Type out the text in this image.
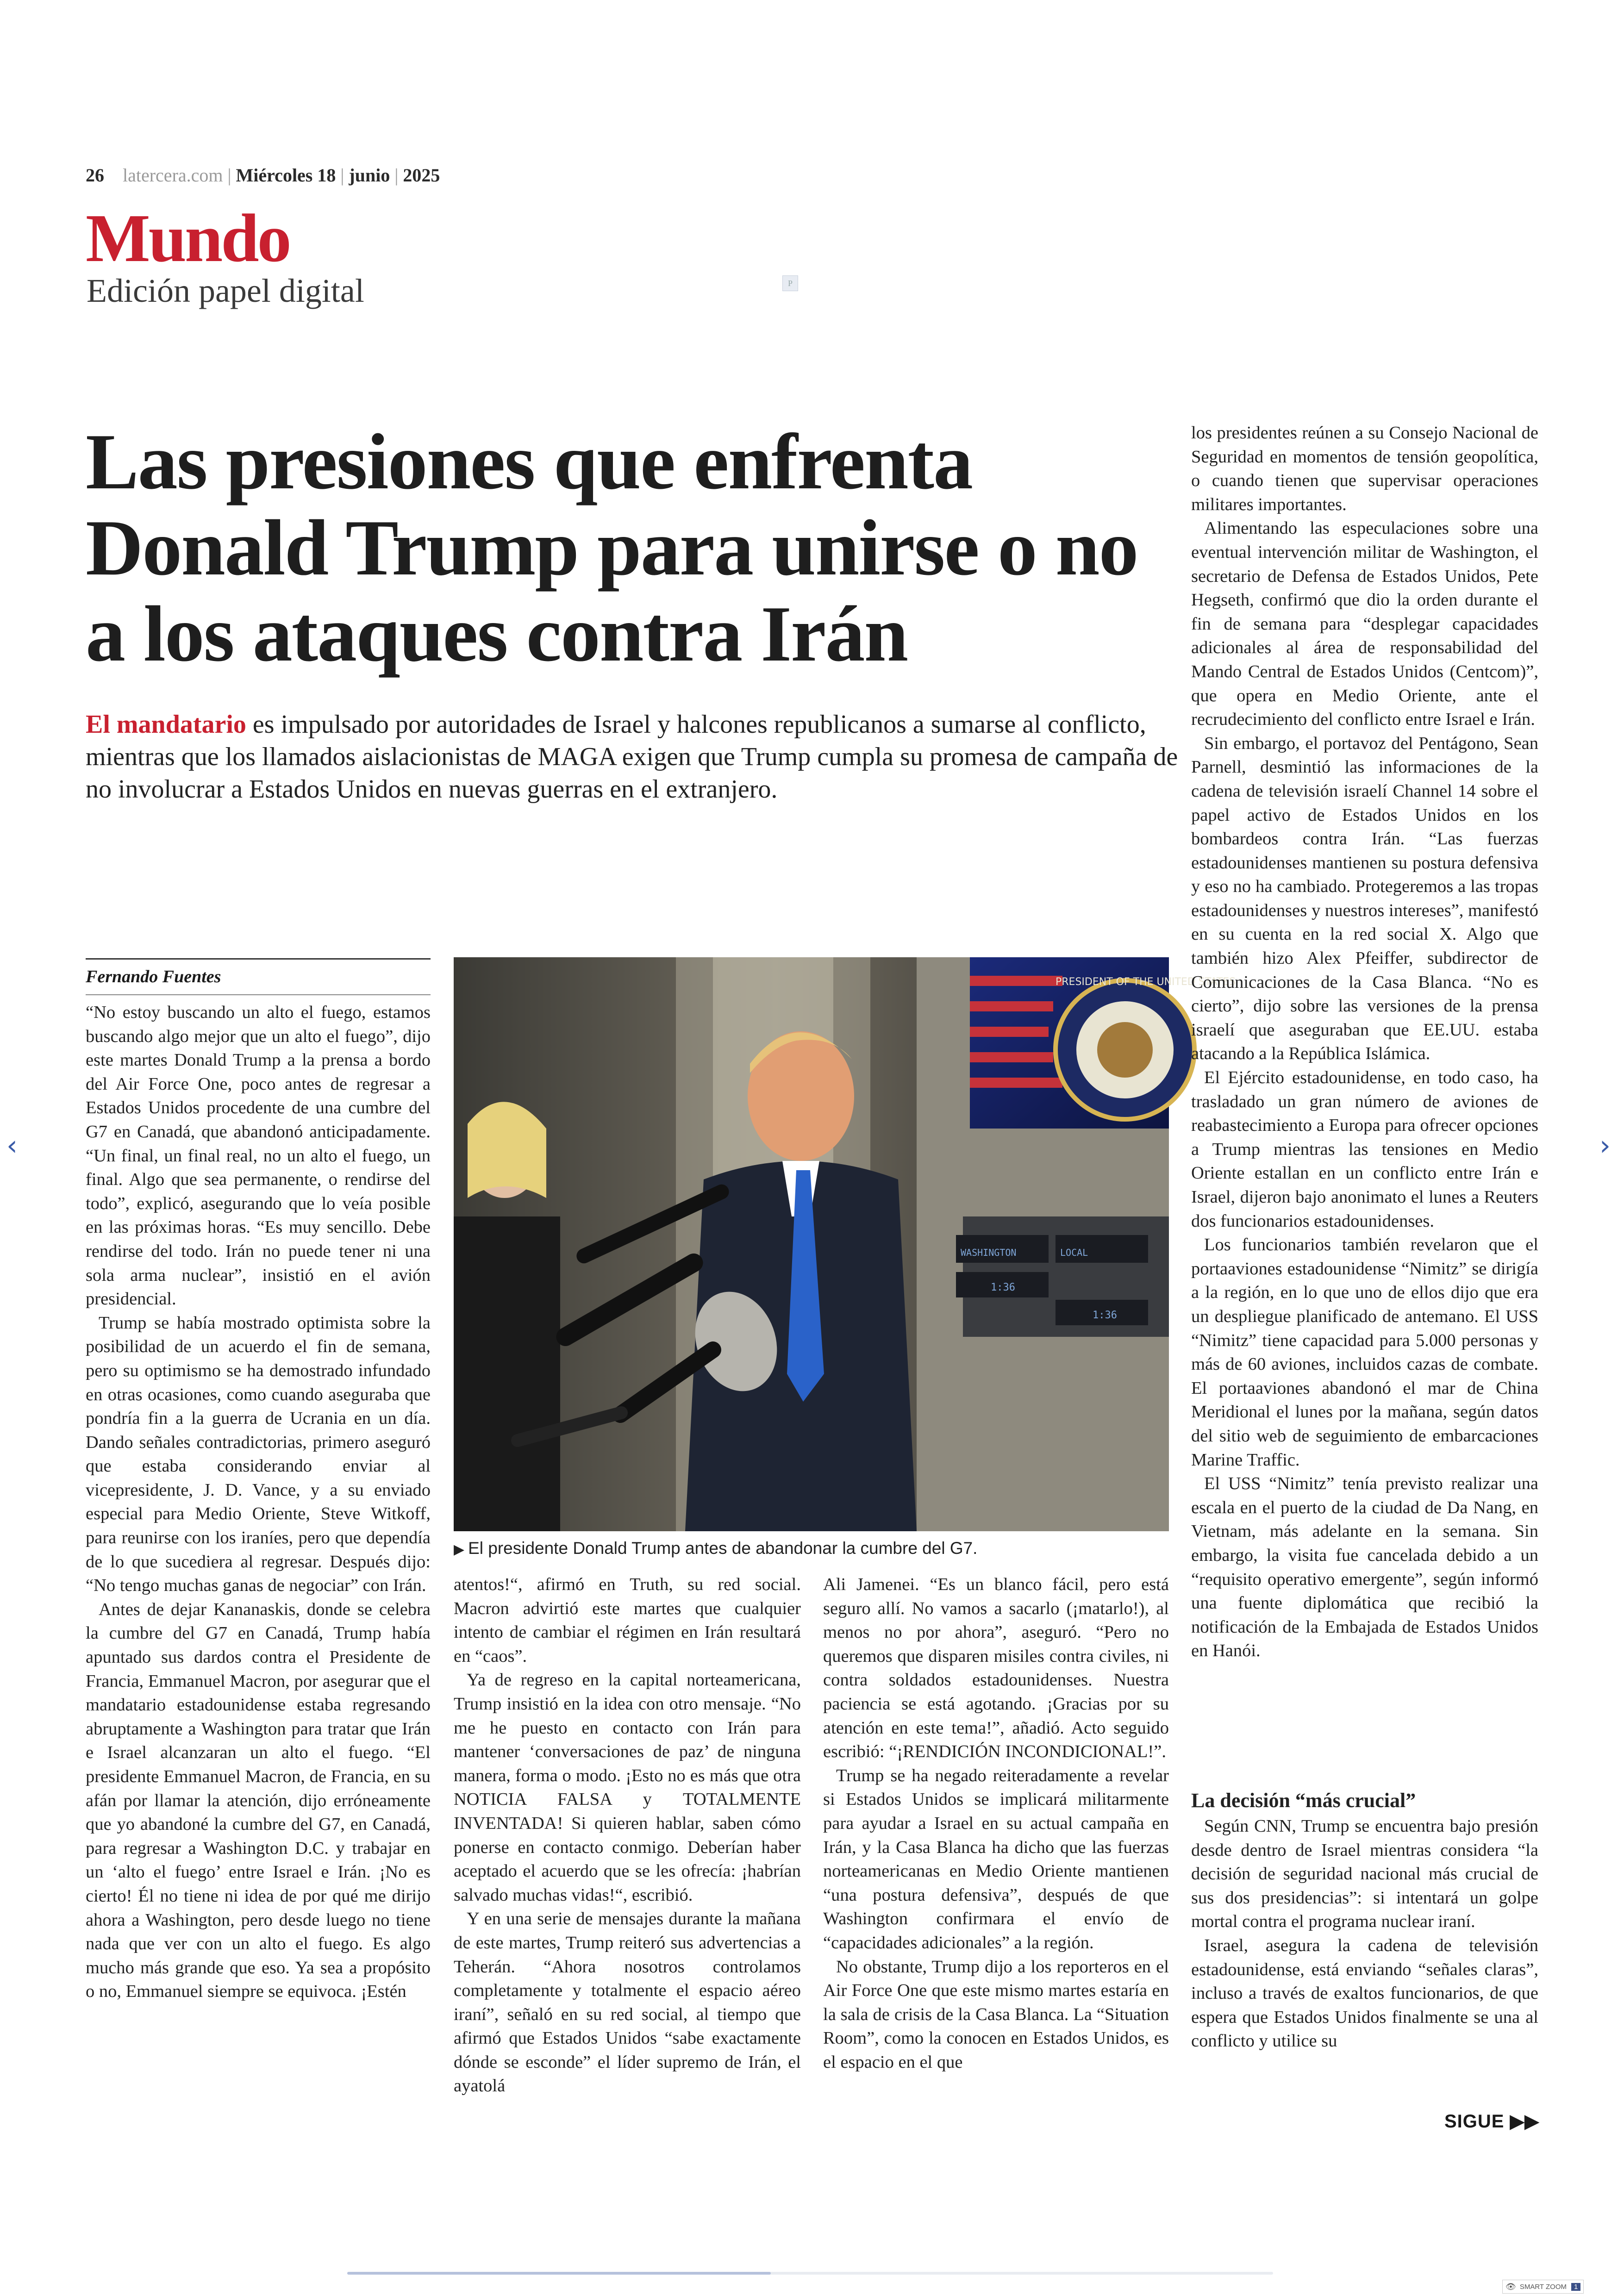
26 latercera.com | Miércoles 18 | junio | 2025
Mundo
Edición papel digital	P
Las presiones que enfrenta Donald Trump para unirse o no a los ataques contra Irán
El mandatario es impulsado por autoridades de Israel y halcones republicanos a sumarse al conflicto, mientras que los llamados aislacionistas de MAGA exigen que Trump cumpla su promesa de campaña de no involucrar a Estados Unidos en nuevas guerras en el extranjero.
Fernando Fuentes

“No estoy buscando un alto el fuego, estamos buscando algo mejor que un alto el fuego”, dijo este martes Donald Trump a la prensa a bordo del Air Force One, poco antes de regresar a Estados Unidos procedente de una cumbre del G7 en Canadá, que abandonó anticipadamente. “Un final, un final real, no un alto el fuego, un final. Algo que sea permanente, o rendirse del todo”, explicó, asegurando que lo veía posible en las próximas horas. “Es muy sencillo. Debe rendirse del todo. Irán no puede tener ni una sola arma nuclear”, insistió en el avión presidencial.

Trump se había mostrado optimista sobre la posibilidad de un acuerdo el fin de semana, pero su optimismo se ha demostrado infundado en otras ocasiones, como cuando aseguraba que pondría fin a la guerra de Ucrania en un día. Dando señales contradictorias, primero aseguró que estaba considerando enviar al vicepresidente, J. D. Vance, y a su enviado especial para Medio Oriente, Steve Witkoff, para reunirse con los iraníes, pero que dependía de lo que sucediera al regresar. Después dijo: “No tengo muchas ganas de negociar” con Irán.

Antes de dejar Kananaskis, donde se celebra la cumbre del G7 en Canadá, Trump había apuntado sus dardos contra el Presidente de Francia, Emmanuel Macron, por asegurar que el mandatario estadounidense estaba regresando abruptamente a Washington para tratar que Irán e Israel alcanzaran un alto el fuego. “El presidente Emmanuel Macron, de Francia, en su afán por llamar la atención, dijo erróneamente que yo abandoné la cumbre del G7, en Canadá, para regresar a Washington D.C. y trabajar en un ‘alto el fuego’ entre Israel e Irán. ¡No es cierto! Él no tiene ni idea de por qué me dirijo ahora a Washington, pero desde luego no tiene nada que ver con un alto el fuego. Es algo mucho más grande que eso. Ya sea a propósito o no, Emmanuel siempre se equivoca. ¡Estén

PRESIDENT OF THE UNITED STATES
WASHINGTON	LOCAL
1:36
1:36
▶ El presidente Donald Trump antes de abandonar la cumbre del G7.

atentos!“, afirmó en Truth, su red social. Macron advirtió este martes que cualquier intento de cambiar el régimen en Irán resultará en “caos”.

Ya de regreso en la capital norteamericana, Trump insistió en la idea con otro mensaje. “No me he puesto en contacto con Irán para mantener ‘conversaciones de paz’ de ninguna manera, forma o modo. ¡Esto no es más que otra NOTICIA FALSA y TOTALMENTE INVENTADA! Si quieren hablar, saben cómo ponerse en contacto conmigo. Deberían haber aceptado el acuerdo que se les ofrecía: ¡habrían salvado muchas vidas!“, escribió.

Y en una serie de mensajes durante la mañana de este martes, Trump reiteró sus advertencias a Teherán. “Ahora nosotros controlamos completamente y totalmente el espacio aéreo iraní”, señaló en su red social, al tiempo que afirmó que Estados Unidos “sabe exactamente dónde se esconde” el líder supremo de Irán, el ayatolá

Ali Jamenei. “Es un blanco fácil, pero está seguro allí. No vamos a sacarlo (¡matarlo!), al menos no por ahora”, aseguró. “Pero no queremos que disparen misiles contra civiles, ni contra soldados estadounidenses. Nuestra paciencia se está agotando. ¡Gracias por su atención en este tema!”, añadió. Acto seguido escribió: “¡RENDICIÓN INCONDICIONAL!”.

Trump se ha negado reiteradamente a revelar si Estados Unidos se implicará militarmente para ayudar a Israel en su actual campaña en Irán, y la Casa Blanca ha dicho que las fuerzas norteamericanas en Medio Oriente mantienen “una postura defensiva”, después de que Washington confirmara el envío de “capacidades adicionales” a la región.

No obstante, Trump dijo a los reporteros en el Air Force One que este mismo martes estaría en la sala de crisis de la Casa Blanca. La “Situation Room”, como la conocen en Estados Unidos, es el espacio en el que

los presidentes reúnen a su Consejo Nacional de Seguridad en momentos de tensión geopolítica, o cuando tienen que supervisar operaciones militares importantes.

Alimentando las especulaciones sobre una eventual intervención militar de Washington, el secretario de Defensa de Estados Unidos, Pete Hegseth, confirmó que dio la orden durante el fin de semana para “desplegar capacidades adicionales al área de responsabilidad del Mando Central de Estados Unidos (Centcom)”, que opera en Medio Oriente, ante el recrudecimiento del conflicto entre Israel e Irán.

Sin embargo, el portavoz del Pentágono, Sean Parnell, desmintió las informaciones de la cadena de televisión israelí Channel 14 sobre el papel activo de Estados Unidos en los bombardeos contra Irán. “Las fuerzas estadounidenses mantienen su postura defensiva y eso no ha cambiado. Protegeremos a las tropas estadounidenses y nuestros intereses”, manifestó en su cuenta en la red social X. Algo que también hizo Alex Pfeiffer, subdirector de Comunicaciones de la Casa Blanca. “No es cierto”, dijo sobre las versiones de la prensa israelí que aseguraban que EE.UU. estaba atacando a la República Islámica.

El Ejército estadounidense, en todo caso, ha trasladado un gran número de aviones de reabastecimiento a Europa para ofrecer opciones a Trump mientras las tensiones en Medio Oriente estallan en un conflicto entre Irán e Israel, dijeron bajo anonimato el lunes a Reuters dos funcionarios estadounidenses.

Los funcionarios también revelaron que el portaaviones estadounidense “Nimitz” se dirigía a la región, en lo que uno de ellos dijo que era un despliegue planificado de antemano. El USS “Nimitz” tiene capacidad para 5.000 personas y más de 60 aviones, incluidos cazas de combate. El portaaviones abandonó el mar de China Meridional el lunes por la mañana, según datos del sitio web de seguimiento de embarcaciones Marine Traffic.

El USS “Nimitz” tenía previsto realizar una escala en el puerto de la ciudad de Da Nang, en Vietnam, más adelante en la semana. Sin embargo, la visita fue cancelada debido a un “requisito operativo emergente”, según informó una fuente diplomática que recibió la notificación de la Embajada de Estados Unidos en Hanói.

La decisión “más crucial”

Según CNN, Trump se encuentra bajo presión desde dentro de Israel mientras considera “la decisión de seguridad nacional más crucial de sus dos presidencias”: si intentará un golpe mortal contra el programa nuclear iraní.

Israel, asegura la cadena de televisión estadounidense, está enviando “señales claras”, incluso a través de exaltos funcionarios, de que espera que Estados Unidos finalmente se una al conflicto y utilice su

SIGUE ▶▶
‹	›
👁 SMART ZOOM	1
